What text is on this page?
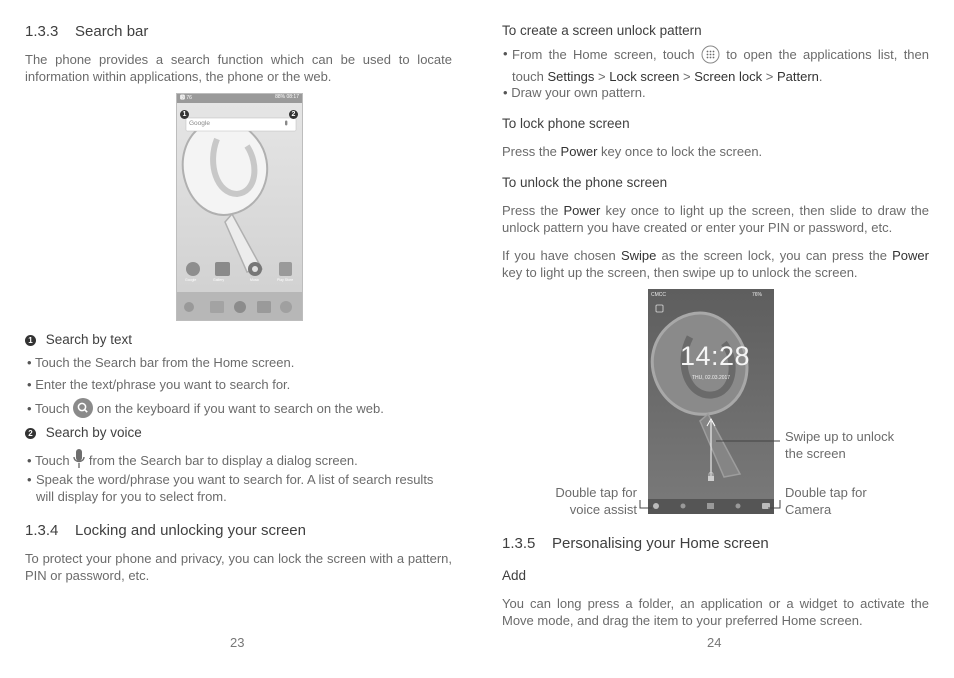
1.3.3 Search bar
The phone provides a search function which can be used to locate information within applications, the phone or the web.
🅱 76	88% 08:17
Google
1	2
Google	Gallery	Music	Play Store
1 Search by text
• Touch the Search bar from the Home screen.
• Enter the text/phrase you want to search for.
• Touch on the keyboard if you want to search on the web.
2 Search by voice
• Touch from the Search bar to display a dialog screen.
• Speak the word/phrase you want to search for. A list of search results will display for you to select from.
1.3.4 Locking and unlocking your screen
To protect your phone and privacy, you can lock the screen with a pattern, PIN or password, etc.
23
To create a screen unlock pattern
• From the Home screen, touch to open the applications list, then touch Settings > Lock screen > Screen lock > Pattern.
• Draw your own pattern.
To lock phone screen
Press the Power key once to lock the screen.
To unlock the phone screen
Press the Power key once to light up the screen, then slide to draw the unlock pattern you have created or enter your PIN or password, etc.
If you have chosen Swipe as the screen lock, you can press the Power key to light up the screen, then swipe up to unlock the screen.
CMCC	76%
14:28
THU, 02.03.2017
Swipe up to unlock
the screen
Double tap for
voice assist
Double tap for
Camera
1.3.5 Personalising your Home screen
Add
You can long press a folder, an application or a widget to activate the Move mode, and drag the item to your preferred Home screen.
24
